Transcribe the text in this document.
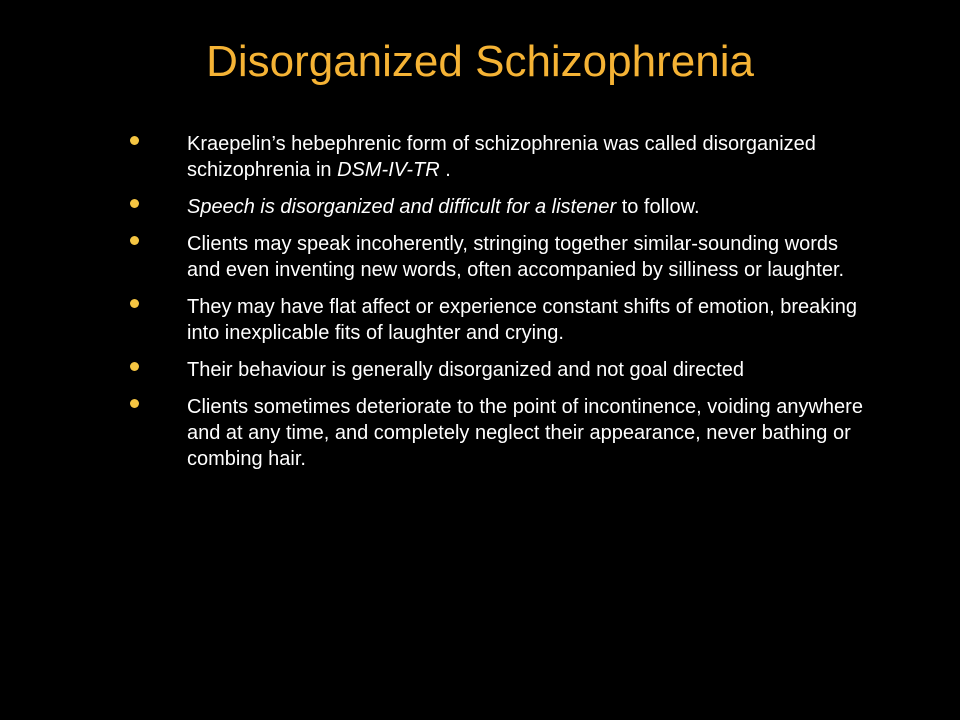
Disorganized Schizophrenia
Kraepelin’s hebephrenic form of schizophrenia was called disorganized schizophrenia in DSM-IV-TR .
Speech is disorganized and difficult for a listener to follow.
Clients may speak incoherently, stringing together similar-sounding words and even inventing new words, often accompanied by silliness or laughter.
They may have flat affect or experience constant shifts of emotion, breaking into inexplicable fits of laughter and crying.
Their behaviour is generally disorganized and not goal directed
Clients sometimes deteriorate to the point of incontinence, voiding anywhere and at any time, and completely neglect their appearance, never bathing or combing hair.
